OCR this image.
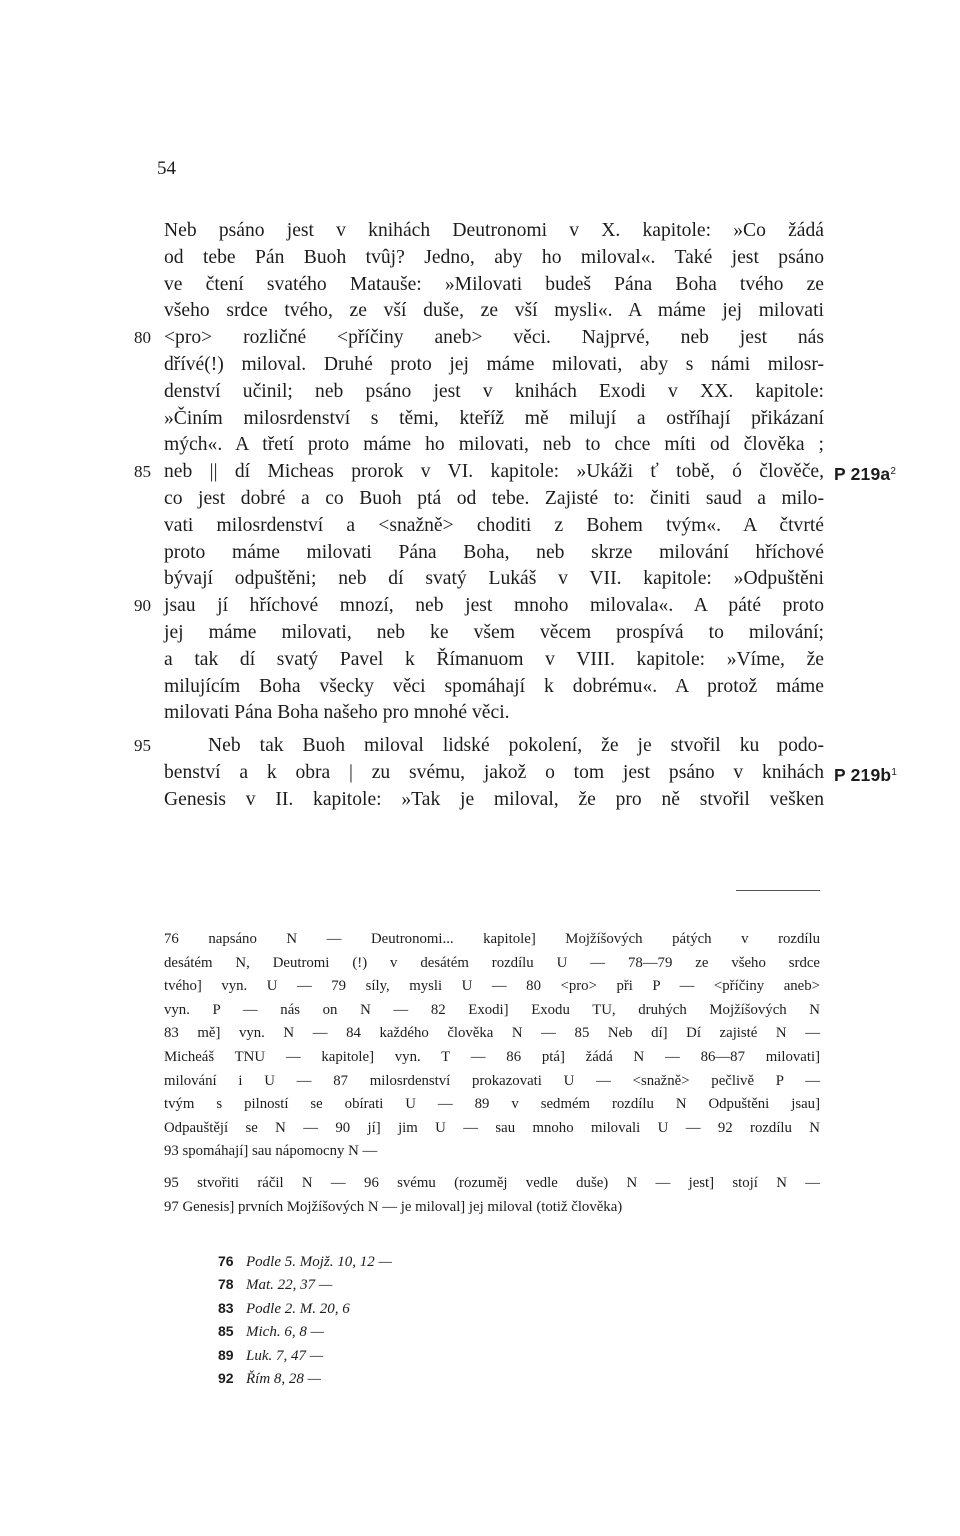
54
Neb psáno jest v knihách Deutronomi v X. kapitole: »Co žádá
od tebe Pán Buoh tvûj? Jedno, aby ho miloval«. Také jest psáno
ve čtení svatého Mataušе: »Milovati budeš Pána Boha tvého ze
všeho srdce tvého, ze vší duše, ze vší mysli«. A máme jej milovati
<pro> rozličné <příčiny aneb> věci. Najprvé, neb jest nás
80
dřívé(!) miloval. Druhé proto jej máme milovati, aby s námi milosr-
denství učinil; neb psáno jest v knihách Exodi v XX. kapitole:
»Činím milosrdenství s těmi, kteříž mě milují a ostříhají přikázaní
mých«. A třetí proto máme ho milovati, neb to chce míti od člověka ;
neb || dí Micheas prorok v VI. kapitole: »Ukáži ť tobě, ó člověče,
85	P $219a^2$
co jest dobré a co Buoh ptá od tebe. Zajisté to: činiti saud a milo-
vati milosrdenství a <snažně> choditi z Bohem tvým«. A čtvrté
proto máme milovati Pána Boha, neb skrze milování hříchové
bývají odpuštěni; neb dí svatý Lukáš v VII. kapitole: »Odpuštěni
jsau jí hříchové mnozí, neb jest mnoho milovala«. A páté proto
90
jej máme milovati, neb ke všem věcem prospívá to milování;
a tak dí svatý Pavel k Římanuom v VIII. kapitole: »Víme, že
milujícím Boha všecky věci spomáhají k dobrému«. A protož máme
milovati Pána Boha našeho pro mnohé věci.
Neb tak Buoh miloval lidské pokolení, že je stvořil ku podo-
95
benství a k obra | zu svému, jakož o tom jest psáno v knihách P $219b^1$
Genesis v II. kapitole: »Tak je miloval, že pro ně stvořil vešken
76 napsáno N — Deutronomi... kapitole] Mojžíšových pátých v rozdílu
desátém N, Deutromi (!) v desátém rozdílu U — 78—79 ze všeho srdce
tvého] vyn. U — 79 síly, mysli U — 80 <pro> při P — <příčiny aneb>
vyn. P — nás on N — 82 Exodi] Exodu TU, druhých Mojžíšových N
83 mě] vyn. N — 84 každého člověka N — 85 Neb dí] Dí zajisté N —
Micheáš TNU — kapitole] vyn. T — 86 ptá] žádá N — 86—87 milovati]
milování i U — 87 milosrdenství prokazovati U — <snažně> pečlivě P —
tvým s pilností se obírati U — 89 v sedmém rozdílu N Odpuštěni jsau]
Odpauštějí se N — 90 jí] jim U — sau mnoho milovali U — 92 rozdílu N
93 spomáhají] sau nápomocny N —
95 stvořiti ráčil N — 96 svému (rozuměj vedle duše) N — jest] stojí N —
97 Genesis] prvních Mojžíšových N — je miloval] jej miloval (totiž člověka)
76 Podle 5. Mojž. 10, 12 —
78 Mat. 22, 37 —
83 Podle 2. M. 20, 6
85 Mich. 6, 8 —
89 Luk. 7, 47 —
92 Řím 8, 28 —
